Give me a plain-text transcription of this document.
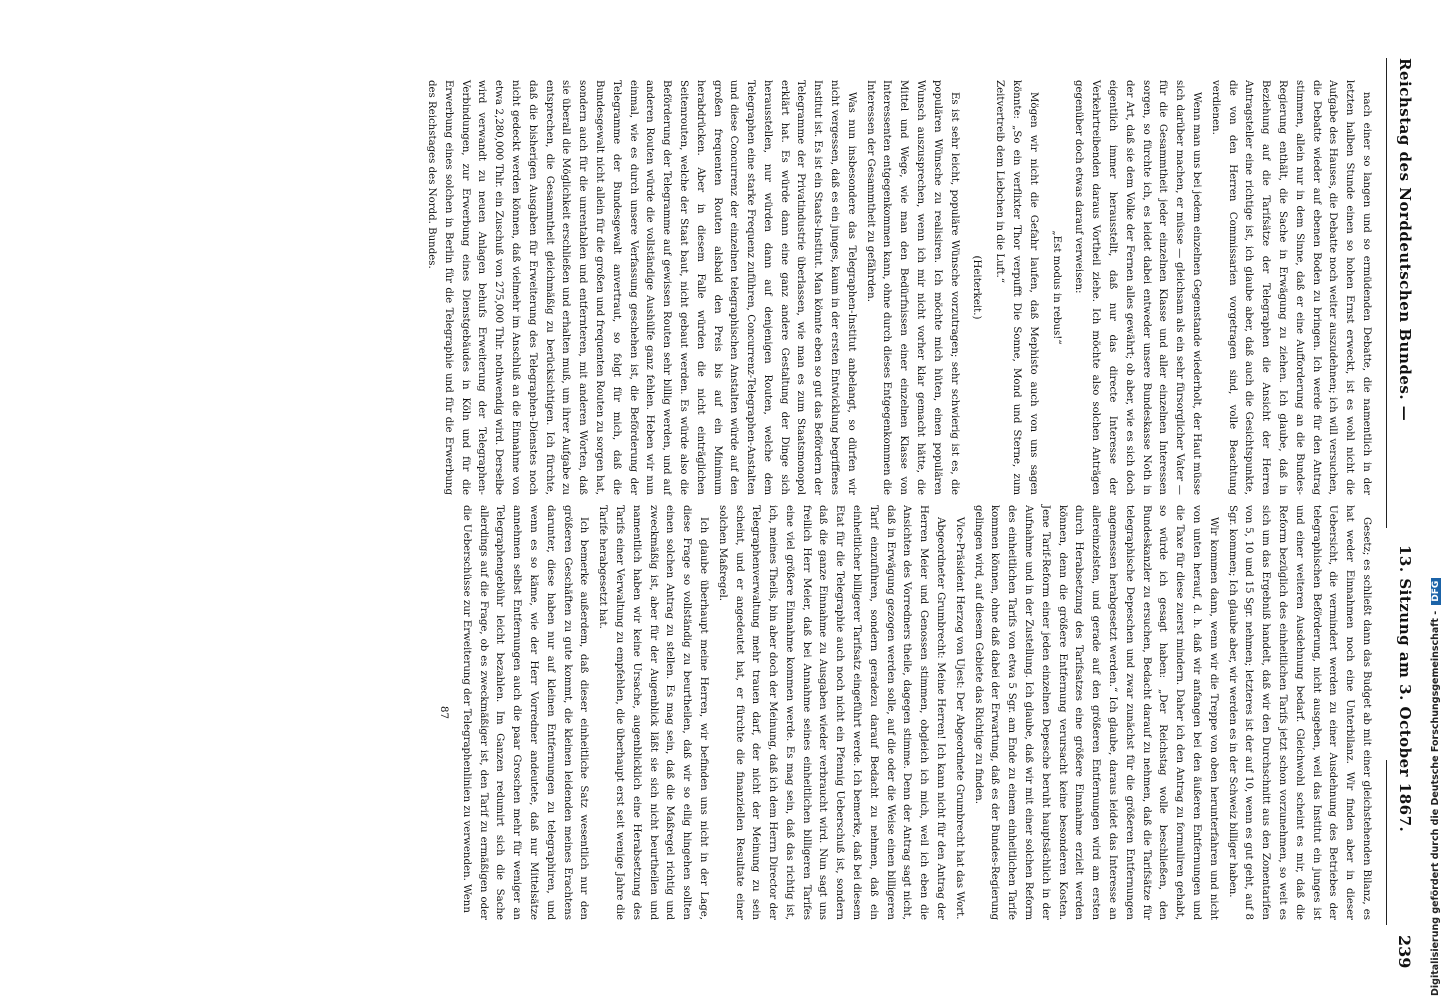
Reichstag des Norddeutschen Bundes. —
13. Sitzung am 3. October 1867.
239

nach einer so langen und so ermüdenden Debatte, die namentlich in der letzten halben Stunde einen so hohen Ernst erweckt, ist es wohl nicht die Aufgabe des Hauses, die Debatte noch weiter auszudehnen; ich will versuchen, die Debatte wieder auf ebenen Boden zu bringen. Ich werde für den Antrag stimmen, allein nur in dem Sinne, daß er eine Aufforderung an die Bundes-Regierung enthält, die Sache in Erwägung zu ziehen. Ich glaube, daß in Beziehung auf die Tarifsätze der Telegraphen die Ansicht der Herren Antragsteller eine richtige ist, ich glaube aber, daß auch die Gesichtspunkte, die von den Herren Commissarien vorgetragen sind, volle Beachtung verdienen.

Wenn man uns bei jedem einzelnen Gegenstande wiederholt, der Haut müsse sich darüber machen, er müsse — gleichsam als ein sehr fürsorglicher Vater — für die Gesammtheit jeder einzelnen Klasse und aller einzelnen Interessen sorgen, so fürchte ich, es leidet dabei entweder unsere Bundeskasse Noth in der Art, daß sie dem Volke der Fernen alles gewährt; ob aber, wie es sich doch eigentlich immer herausstellt, daß nur das directe Interesse der Verkehrtreibenden daraus Vortheil ziehe. Ich möchte also solchen Anträgen gegenüber doch etwas darauf verweisen:

„Est modus in rebus!“

Mögen wir nicht die Gefahr laufen, daß Mephisto auch von uns sagen könnte: „So ein verflixter Thor verpufft Die Sonne, Mond und Sterne, zum Zeitvertreib dem Liebchen in die Luft.“

(Heiterkeit.)

Es ist sehr leicht, populäre Wünsche vorzutragen; sehr schwierig ist es, die populären Wünsche zu realisiren. Ich möchte mich hüten, einen populären Wunsch auszusprechen, wenn ich mir nicht vorher klar gemacht hätte, die Mittel und Wege, wie man den Bedürfnissen einer einzelnen Klasse von Interessenten entgegenkommen kann, ohne durch dieses Entgegenkommen die Interessen der Gesammtheit zu gefährden.

Was nun insbesondere das Telegraphen-Institut anbelangt, so dürfen wir nicht vergessen, daß es ein junges, kaum in der ersten Entwicklung begriffenes Institut ist. Es ist ein Staats-Institut. Man könnte eben so gut das Befördern der Telegramme der Privatindustrie überlassen, wie man es zum Staatsmonopol erklärt hat. Es würde dann eine ganz andere Gestaltung der Dinge sich herausstellen, nur würden dann auf denjenigen Routen, welche dem Telegraphen eine starke Frequenz zuführen, Concurrenz-Telegraphen-Anstalten und diese Concurrenz der einzelnen telegraphischen Anstalten würde auf den großen frequenten Routen alsbald den Preis bis auf ein Minimum herabdrücken. Aber in diesem Falle würden die nicht einträglichen Seitenrouten, welche der Staat baut, nicht gebaut werden. Es würde also die Beförderung der Telegramme auf gewissen Routen sehr billig werden, und auf anderen Routen würde die vollständige Aushülfe ganz fehlen. Heben wir nun einmal, wie es durch unsere Verfassung geschehen ist, die Beförderung der Telegramme der Bundesgewalt anvertraut, so folgt für mich, daß die Bundesgewalt nicht allein für die großen und frequenten Routen zu sorgen hat, sondern auch für die unrentablen und entfernteren, mit anderen Worten, daß sie überall die Möglichkeit erschließen und erhalten muß, um ihrer Aufgabe zu entsprechen, die Gesammtheit gleichmäßig zu berücksichtigen. Ich fürchte, daß die bisherigen Ausgaben für Erweiterung des Telegraphen-Dienstes noch nicht gedeckt werden können, daß vielmehr im Anschluß an die Einnahme von etwa 2,280,000 Thlr. ein Zuschuß von 275,000 Thlr. nothwendig wird. Derselbe wird verwandt zu neuen Anlagen behufs Erweiterung der Telegraphen-Verbindungen, zur Erwerbung eines Dienstgebäudes in Köln und für die Erwerbung eines solchen in Berlin für die Telegraphie und für die Erwerbung des Reichstages des Nordd. Bundes.

Gesetz; es schließt dann das Budget ab mit einer gleichstehenden Bilanz, es hat weder Einnahmen noch eine Unterbilanz. Wir finden aber in dieser Uebersicht, die vermindert werden zu einer Ausdehnung des Betriebes der telegraphischen Beförderung, nicht ausgeben, weil das Institut ein junges ist und einer weiteren Ausdehnung bedarf. Gleichwohl scheint es mir, daß die Reform bezüglich des einheitlichen Tarifs jetzt schon vorzunehmen, so weit es sich um das Ergebniß handelt, daß wir den Durchschnitt aus den Zonentarifen von 5, 10 und 15 Sgr. nehmen; letzteres ist der auf 10, wenn es gut geht, auf 8 Sgr. kommen; Ich glaube aber, wir werden es in der Schweiz billiger haben.

Wir kommen dann, wenn wir die Treppe von oben herunterfahren und nicht von unten herauf, d. h. daß wir anfangen bei den äußeren Entfernungen und die Taxe für diese zuerst mindern. Daher ich den Antrag zu formuliren gehabt, so würde ich gesagt haben: „Der Reichstag wolle beschließen, den Bundeskanzler zu ersuchen, Bedacht darauf zu nehmen, daß die Tarifsätze für telegraphische Depeschen und zwar zunächst für die größeren Entfernungen angemessen herabgesetzt werden.“ Ich glaube, daraus leidet das Interesse an allereinzelsten, und gerade auf den größeren Entfernungen wird am ersten durch Herabsetzung des Tarifsatzes eine größere Einnahme erzielt werden können, denn die größere Entfernung verursacht keine besonderen Kosten. Jene Tarif-Reform einer jeden einzelnen Depesche beruht hauptsächlich in der Aufnahme und in der Zustellung. Ich glaube, daß wir mit einer solchen Reform des einheitlichen Tarifs von etwa 5 Sgr. am Ende zu einem einheitlichen Tarife kommen können, ohne daß dabei der Erwartung, daß es der Bundes-Regierung gelingen wird, auf diesem Gebiete das Richtige zu finden.

Vice-Präsident Herzog von Ujest: Der Abgeordnete Grumbrecht hat das Wort.

Abgeordneter Grumbrecht: Meine Herren! Ich kann nicht für den Antrag der Herren Meier und Genossen stimmen, obgleich ich mich, weil ich eben die Ansichten des Vorredners theile, dagegen stimme. Denn der Antrag sagt nicht, daß in Erwägung gezogen werden solle, auf die oder die Weise einen billigeren Tarif einzuführen, sondern geradezu darauf Bedacht zu nehmen, daß ein einheitlicher billigerer Tarifsatz eingeführt werde. Ich bemerke, daß bei diesem Etat für die Telegraphie auch noch nicht ein Pfennig Ueberschuß ist, sondern daß die ganze Einnahme zu Ausgaben wieder verbraucht wird. Nun sagt uns freilich Herr Meier, daß bei Annahme seines einheitlichen billigeren Tarifes eine viel größere Einnahme kommen werde. Es mag sein, daß das richtig ist, ich, meines Theils, bin aber doch der Meinung, daß ich dem Herrn Director der Telegraphenverwaltung mehr trauen darf, der nicht der Meinung zu sein scheint, und er angedeutet hat, er fürchte die finanziellen Resultate einer solchen Maßregel.

Ich glaube überhaupt meine Herren, wir befinden uns nicht in der Lage, diese Frage so vollständig zu beurtheilen, daß wir so eilig hingehen sollten einen solchen Antrag zu stellen. Es mag sein, daß die Maßregel richtig und zweckmäßig ist, aber für der Augenblick läßt sie sich nicht beurtheilen und namentlich haben wir keine Ursache, augenblicklich eine Herabsetzung des Tarifs einer Verwaltung zu empfehlen, die überhaupt erst seit wenige Jahre die Tarife herabgesetzt hat.

Ich bemerke außerdem, daß dieser einheitliche Satz wesentlich nur den größeren Geschäften zu gute kommt, die kleinen leidenden meines Erachtens darunter, diese haben nur auf kleinen Entfernungen zu telegraphiren, und wenn es so käme, wie der Herr Vorredner andeutete, daß nur Mittelsätze annehmen selbst Entfernungen auch die paar Groschen mehr für weniger an Telegraphengebühr leicht bezahlen. Im Ganzen redumirt sich die Sache allerdings auf die Frage, ob es zweckmäßiger ist, den Tarif zu ermäßigen oder die Ueberschüsse zur Erweiterung der Telegraphenlinien zu verwenden. Wenn

87	Digitalisierung gefördert durch die Deutsche Forschungsgemeinschaft -DFG
